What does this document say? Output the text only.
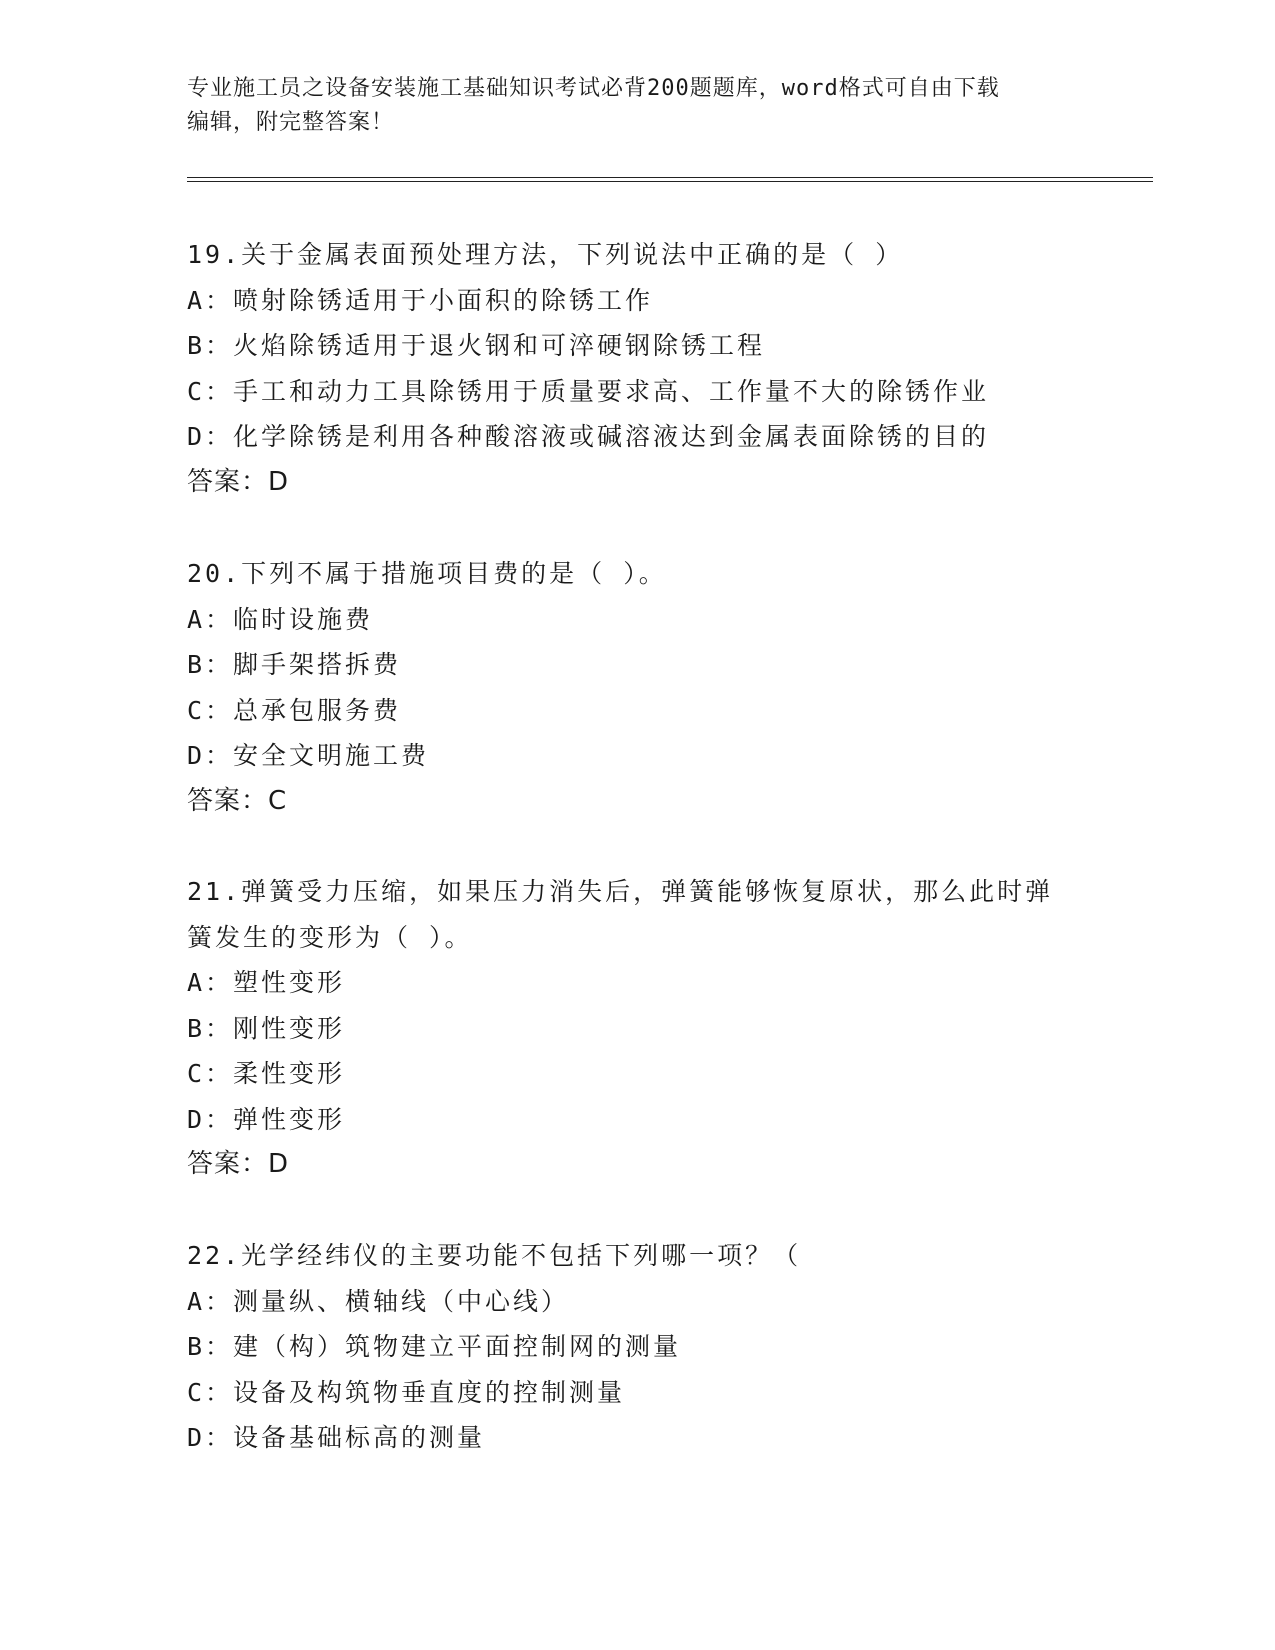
专业施工员之设备安装施工基础知识考试必背200题题库，word格式可自由下载
编辑，附完整答案！
19.关于金属表面预处理方法，下列说法中正确的是（ ）
A：喷射除锈适用于小面积的除锈工作
B：火焰除锈适用于退火钢和可淬硬钢除锈工程
C：手工和动力工具除锈用于质量要求高、工作量不大的除锈作业
D：化学除锈是利用各种酸溶液或碱溶液达到金属表面除锈的目的
答案：D
20.下列不属于措施项目费的是（ ）。
A：临时设施费
B：脚手架搭拆费
C：总承包服务费
D：安全文明施工费
答案：C
21.弹簧受力压缩，如果压力消失后，弹簧能够恢复原状，那么此时弹
簧发生的变形为（ ）。
A：塑性变形
B：刚性变形
C：柔性变形
D：弹性变形
答案：D
22.光学经纬仪的主要功能不包括下列哪一项？（
A：测量纵、横轴线（中心线）
B：建（构）筑物建立平面控制网的测量
C：设备及构筑物垂直度的控制测量
D：设备基础标高的测量
